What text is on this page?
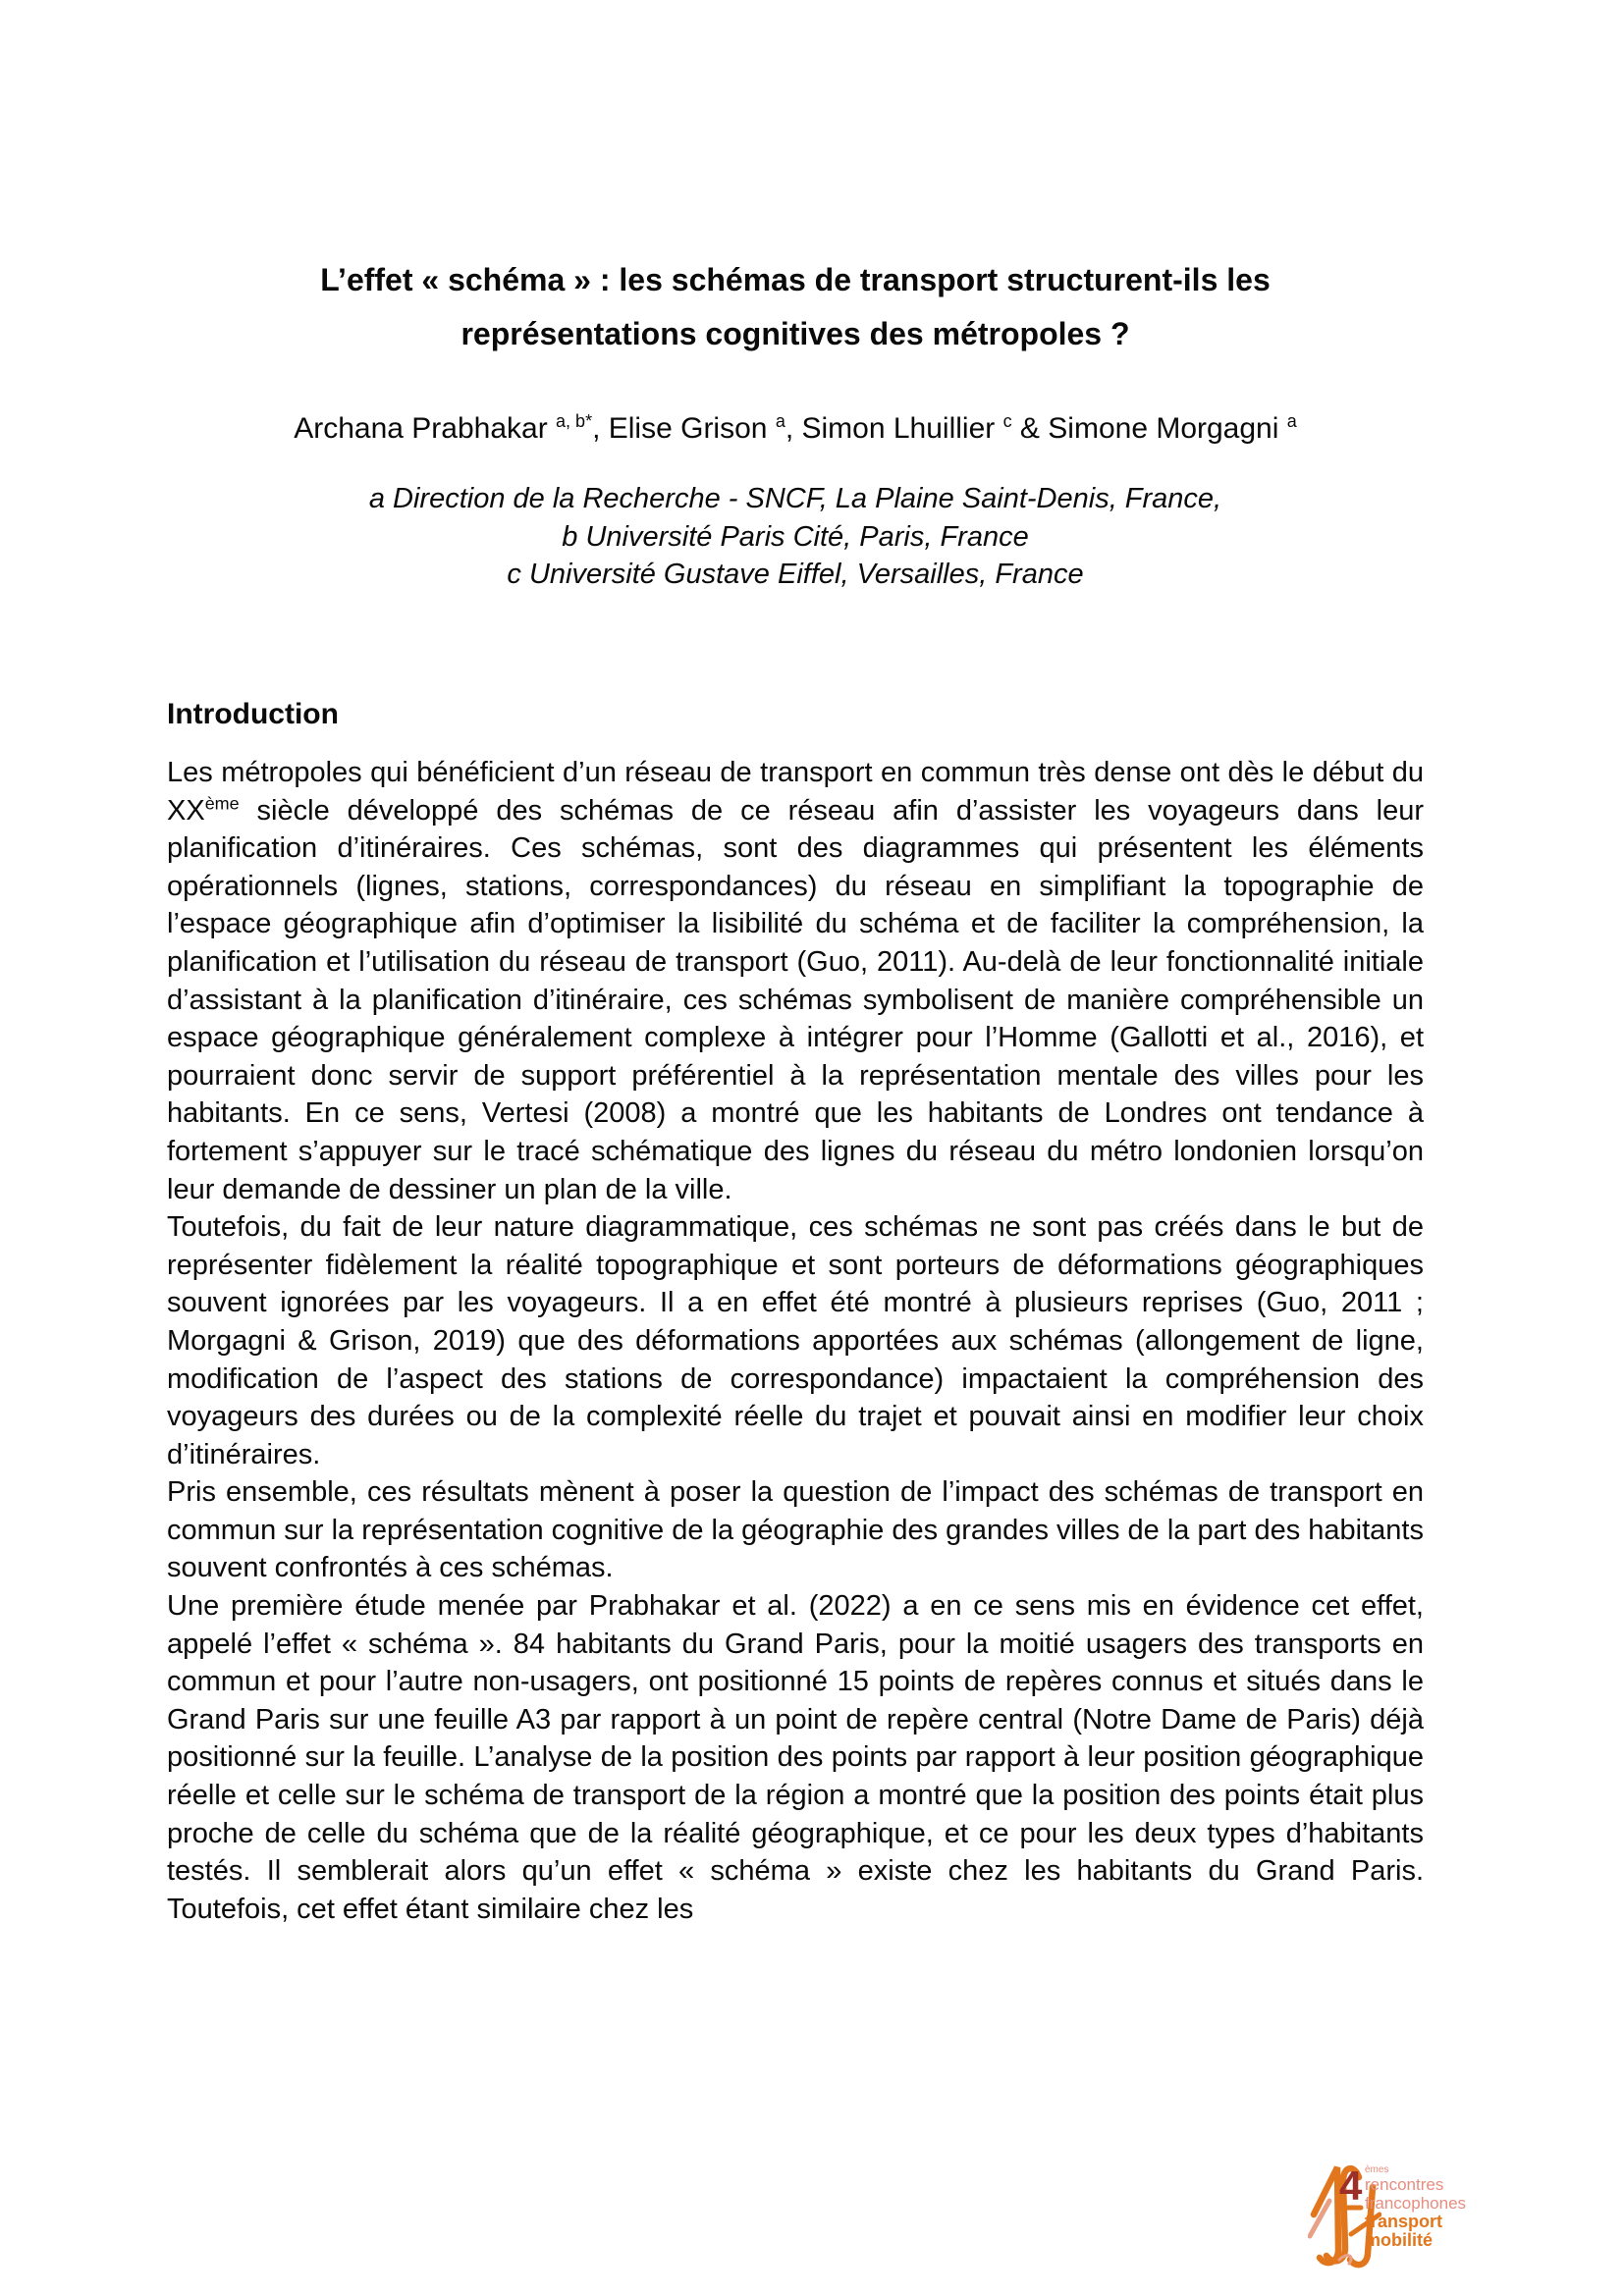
L’effet « schéma » : les schémas de transport structurent-ils les
représentations cognitives des métropoles ?
Archana Prabhakar $^{a, b*}$, Elise Grison $^a$, Simon Lhuillier $^c$ & Simone Morgagni $^a$
a Direction de la Recherche - SNCF, La Plaine Saint-Denis, France,
b Université Paris Cité, Paris, France
c Université Gustave Eiffel, Versailles, France
Introduction

Les métropoles qui bénéficient d’un réseau de transport en commun très dense ont dès le début du XXème siècle développé des schémas de ce réseau afin d’assister les voyageurs dans leur planification d’itinéraires. Ces schémas, sont des diagrammes qui présentent les éléments opérationnels (lignes, stations, correspondances) du réseau en simplifiant la topographie de l’espace géographique afin d’optimiser la lisibilité du schéma et de faciliter la compréhension, la planification et l’utilisation du réseau de transport (Guo, 2011). Au-delà de leur fonctionnalité initiale d’assistant à la planification d’itinéraire, ces schémas symbolisent de manière compréhensible un espace géographique généralement complexe à intégrer pour l’Homme (Gallotti et al., 2016), et pourraient donc servir de support préférentiel à la représentation mentale des villes pour les habitants. En ce sens, Vertesi (2008) a montré que les habitants de Londres ont tendance à fortement s’appuyer sur le tracé schématique des lignes du réseau du métro londonien lorsqu’on leur demande de dessiner un plan de la ville.

Toutefois, du fait de leur nature diagrammatique, ces schémas ne sont pas créés dans le but de représenter fidèlement la réalité topographique et sont porteurs de déformations géographiques souvent ignorées par les voyageurs. Il a en effet été montré à plusieurs reprises (Guo, 2011 ; Morgagni & Grison, 2019) que des déformations apportées aux schémas (allongement de ligne, modification de l’aspect des stations de correspondance) impactaient la compréhension des voyageurs des durées ou de la complexité réelle du trajet et pouvait ainsi en modifier leur choix d’itinéraires.

Pris ensemble, ces résultats mènent à poser la question de l’impact des schémas de transport en commun sur la représentation cognitive de la géographie des grandes villes de la part des habitants souvent confrontés à ces schémas.

Une première étude menée par Prabhakar et al. (2022) a en ce sens mis en évidence cet effet, appelé l’effet « schéma ». 84 habitants du Grand Paris, pour la moitié usagers des transports en commun et pour l’autre non-usagers, ont positionné 15 points de repères connus et situés dans le Grand Paris sur une feuille A3 par rapport à un point de repère central (Notre Dame de Paris) déjà positionné sur la feuille. L’analyse de la position des points par rapport à leur position géographique réelle et celle sur le schéma de transport de la région a montré que la position des points était plus proche de celle du schéma que de la réalité géographique, et ce pour les deux types d’habitants testés. Il semblerait alors qu’un effet « schéma » existe chez les habitants du Grand Paris. Toutefois, cet effet étant similaire chez les

4 èmes
rencontres
francophones
transport
mobilité
